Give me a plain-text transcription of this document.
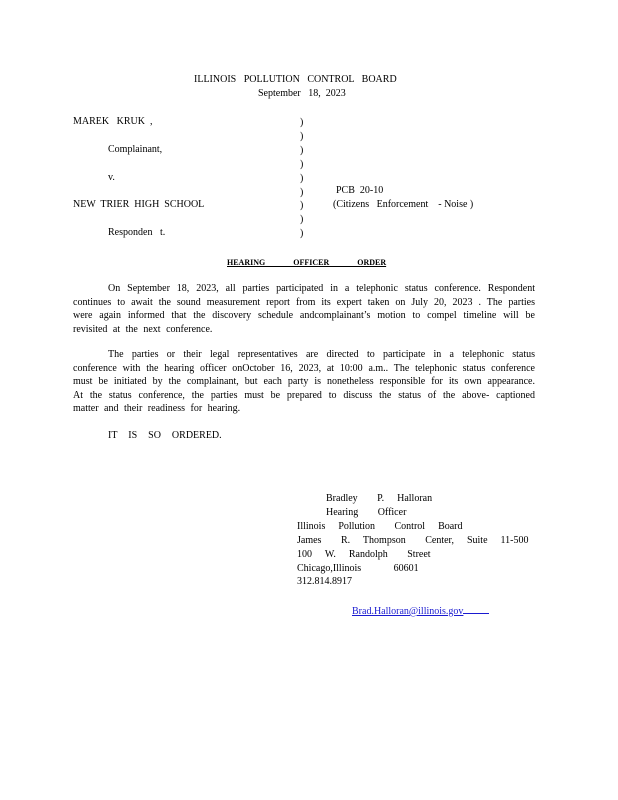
ILLINOIS   POLLUTION   CONTROL   BOARD
September   18,  2023
MAREK   KRUK  ,
Complainant,
v.
NEW  TRIER  HIGH  SCHOOL
Responden   t.
)
)
)
)
)
)
)
)
)
PCB  20-10
(Citizens   Enforcement    - Noise )
HEARING OFFICER ORDER
On September 18, 2023, all parties participated in a telephonic status conference. Respondent continues to await the sound measurement report from its expert taken on July 20, 2023 . The parties were again informed that the discovery schedule andcomplainant’s motion to compel timeline will be revisited at the next conference.
The parties or their legal representatives are directed to participate in a telephonic status conference with the hearing officer onOctober 16, 2023, at 10:00 a.m.. The telephonic status conference must be initiated by the complainant, but each party is nonetheless responsible for its own appearance. At the status conference, the parties must be prepared to discuss the status of the above- captioned matter and their readiness for hearing.
IT  IS  SO  ORDERED.
Bradley   P.  Halloran
Hearing   Officer
Illinois  Pollution   Control  Board
James   R.  Thompson   Center,  Suite  11-500
100  W.  Randolph   Street
Chicago,Illinois     60601
312.814.8917

Brad.Halloran@illinois.gov
